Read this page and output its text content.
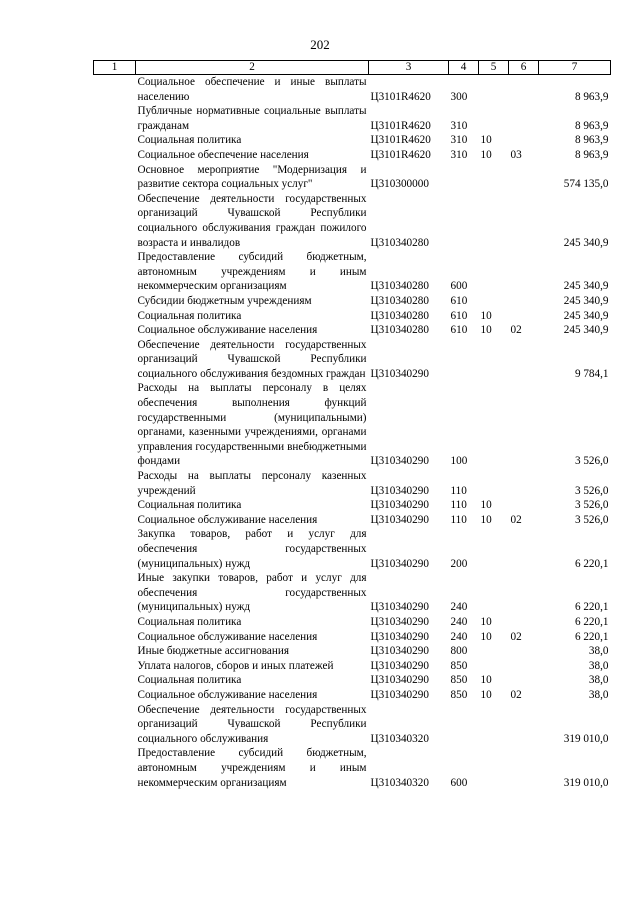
202
1	2	3	4	5	6	7
	Социальное обеспечение и иные выплаты населению	Ц3101R4620	300			8 963,9
	Публичные нормативные социальные выплаты гражданам	Ц3101R4620	310			8 963,9
	Социальная политика	Ц3101R4620	310	10		8 963,9
	Социальное обеспечение населения	Ц3101R4620	310	10	03	8 963,9
	Основное мероприятие "Модернизация и развитие сектора социальных услуг"	Ц310300000				574 135,0
	Обеспечение деятельности государственных организаций Чувашской Республики социального обслуживания граждан пожилого возраста и инвалидов	Ц310340280				245 340,9
	Предоставление субсидий бюджетным, автономным учреждениям и иным некоммерческим организациям	Ц310340280	600			245 340,9
	Субсидии бюджетным учреждениям	Ц310340280	610			245 340,9
	Социальная политика	Ц310340280	610	10		245 340,9
	Социальное обслуживание населения	Ц310340280	610	10	02	245 340,9
	Обеспечение деятельности государственных организаций Чувашской Республики социального обслуживания бездомных граждан	Ц310340290				9 784,1
	Расходы на выплаты персоналу в целях обеспечения выполнения функций государственными (муниципальными) органами, казенными учреждениями, органами управления государственными внебюджетными фондами	Ц310340290	100			3 526,0
	Расходы на выплаты персоналу казенных учреждений	Ц310340290	110			3 526,0
	Социальная политика	Ц310340290	110	10		3 526,0
	Социальное обслуживание населения	Ц310340290	110	10	02	3 526,0
	Закупка товаров, работ и услуг для обеспечения государственных (муниципальных) нужд	Ц310340290	200			6 220,1
	Иные закупки товаров, работ и услуг для обеспечения государственных (муниципальных) нужд	Ц310340290	240			6 220,1
	Социальная политика	Ц310340290	240	10		6 220,1
	Социальное обслуживание населения	Ц310340290	240	10	02	6 220,1
	Иные бюджетные ассигнования	Ц310340290	800			38,0
	Уплата налогов, сборов и иных платежей	Ц310340290	850			38,0
	Социальная политика	Ц310340290	850	10		38,0
	Социальное обслуживание населения	Ц310340290	850	10	02	38,0
	Обеспечение деятельности государственных организаций Чувашской Республики социального обслуживания	Ц310340320				319 010,0
	Предоставление субсидий бюджетным, автономным учреждениям и иным некоммерческим организациям	Ц310340320	600			319 010,0
